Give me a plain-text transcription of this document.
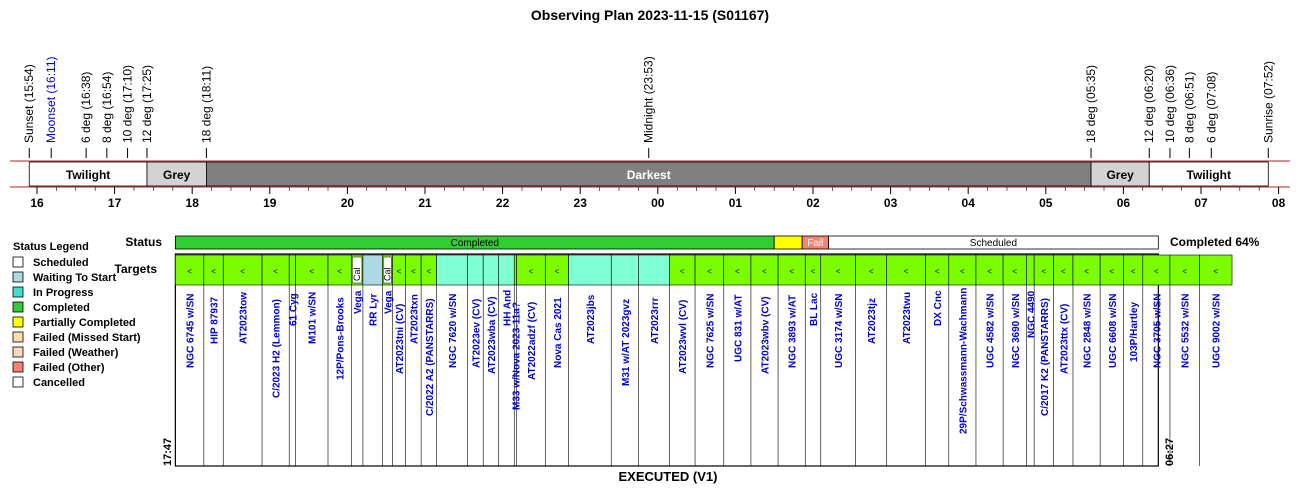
Observing Plan 2023-11-15 (S01167)
Sunset (15:54) Moonset (16:11) 6 deg (16:38) 8 deg (16:54) 10 deg (17:10) 12 deg (17:25)	18 deg (18:11)	Midnight (23:53)	18 deg (05:35)	12 deg (06:20) 10 deg (06:36) 8 deg (06:51) 6 deg (07:08)	Sunrise (07:52)
Twilight	Grey	Darkest	Grey	Twilight
16	17	18	19	20	21	22	23	00	01	02	03	04	05	06	07	08
Status Legend
Scheduled
Waiting To Start
In Progress
Completed
Partially Completed
Failed (Missed Start)
Failed (Weather)
Failed (Other)
Cancelled
Status
Targets
Completed 64%
Completed	Fail	Scheduled
< <	<	<	<	< Cal Cal < < <	<	<	<	<	<	<	< <	<	<	<	<	<	<	<	< < <	< < <	<	<
NGC 6745 w/SN HIP 87937 AT2023tow C/2023 H2 (Lemmon) 61 Cyg M101 w/SN 12P/Pons-Brooks Vega RR Lyr Vega
AT2023tni (CV) AT2023txn C/2022 A2 (PANSTARRS) NGC 7620 w/SN AT2023ev (CV) AT2023wba (CV) HH And
M33 w/Nova 2023-11a? AT2022adzf (CV) Nova Cas 2021 AT2023jbs M31 w/AT 2023gvz AT2023rrr AT2023wvl (CV) NGC 7625 w/SN UGC 831 w/AT AT2023wbv (CV) NGC 3893 w/AT BL Lac UGC 3174 w/SN AT2023tjz AT2023twu DX Cnc 29P/Schwassmann-Wachmann UGC 4582 w/SN NGC 3690 w/SN NGC 4490 C/2017 K2 (PANSTARRS) AT2023ttx (CV) NGC 2848 w/SN UGC 6608 w/SN 103P/Hartley NGC 3705 w/SN NGC 5532 w/SN UGC 9002 w/SN
17:47	06:27
EXECUTED (V1)
